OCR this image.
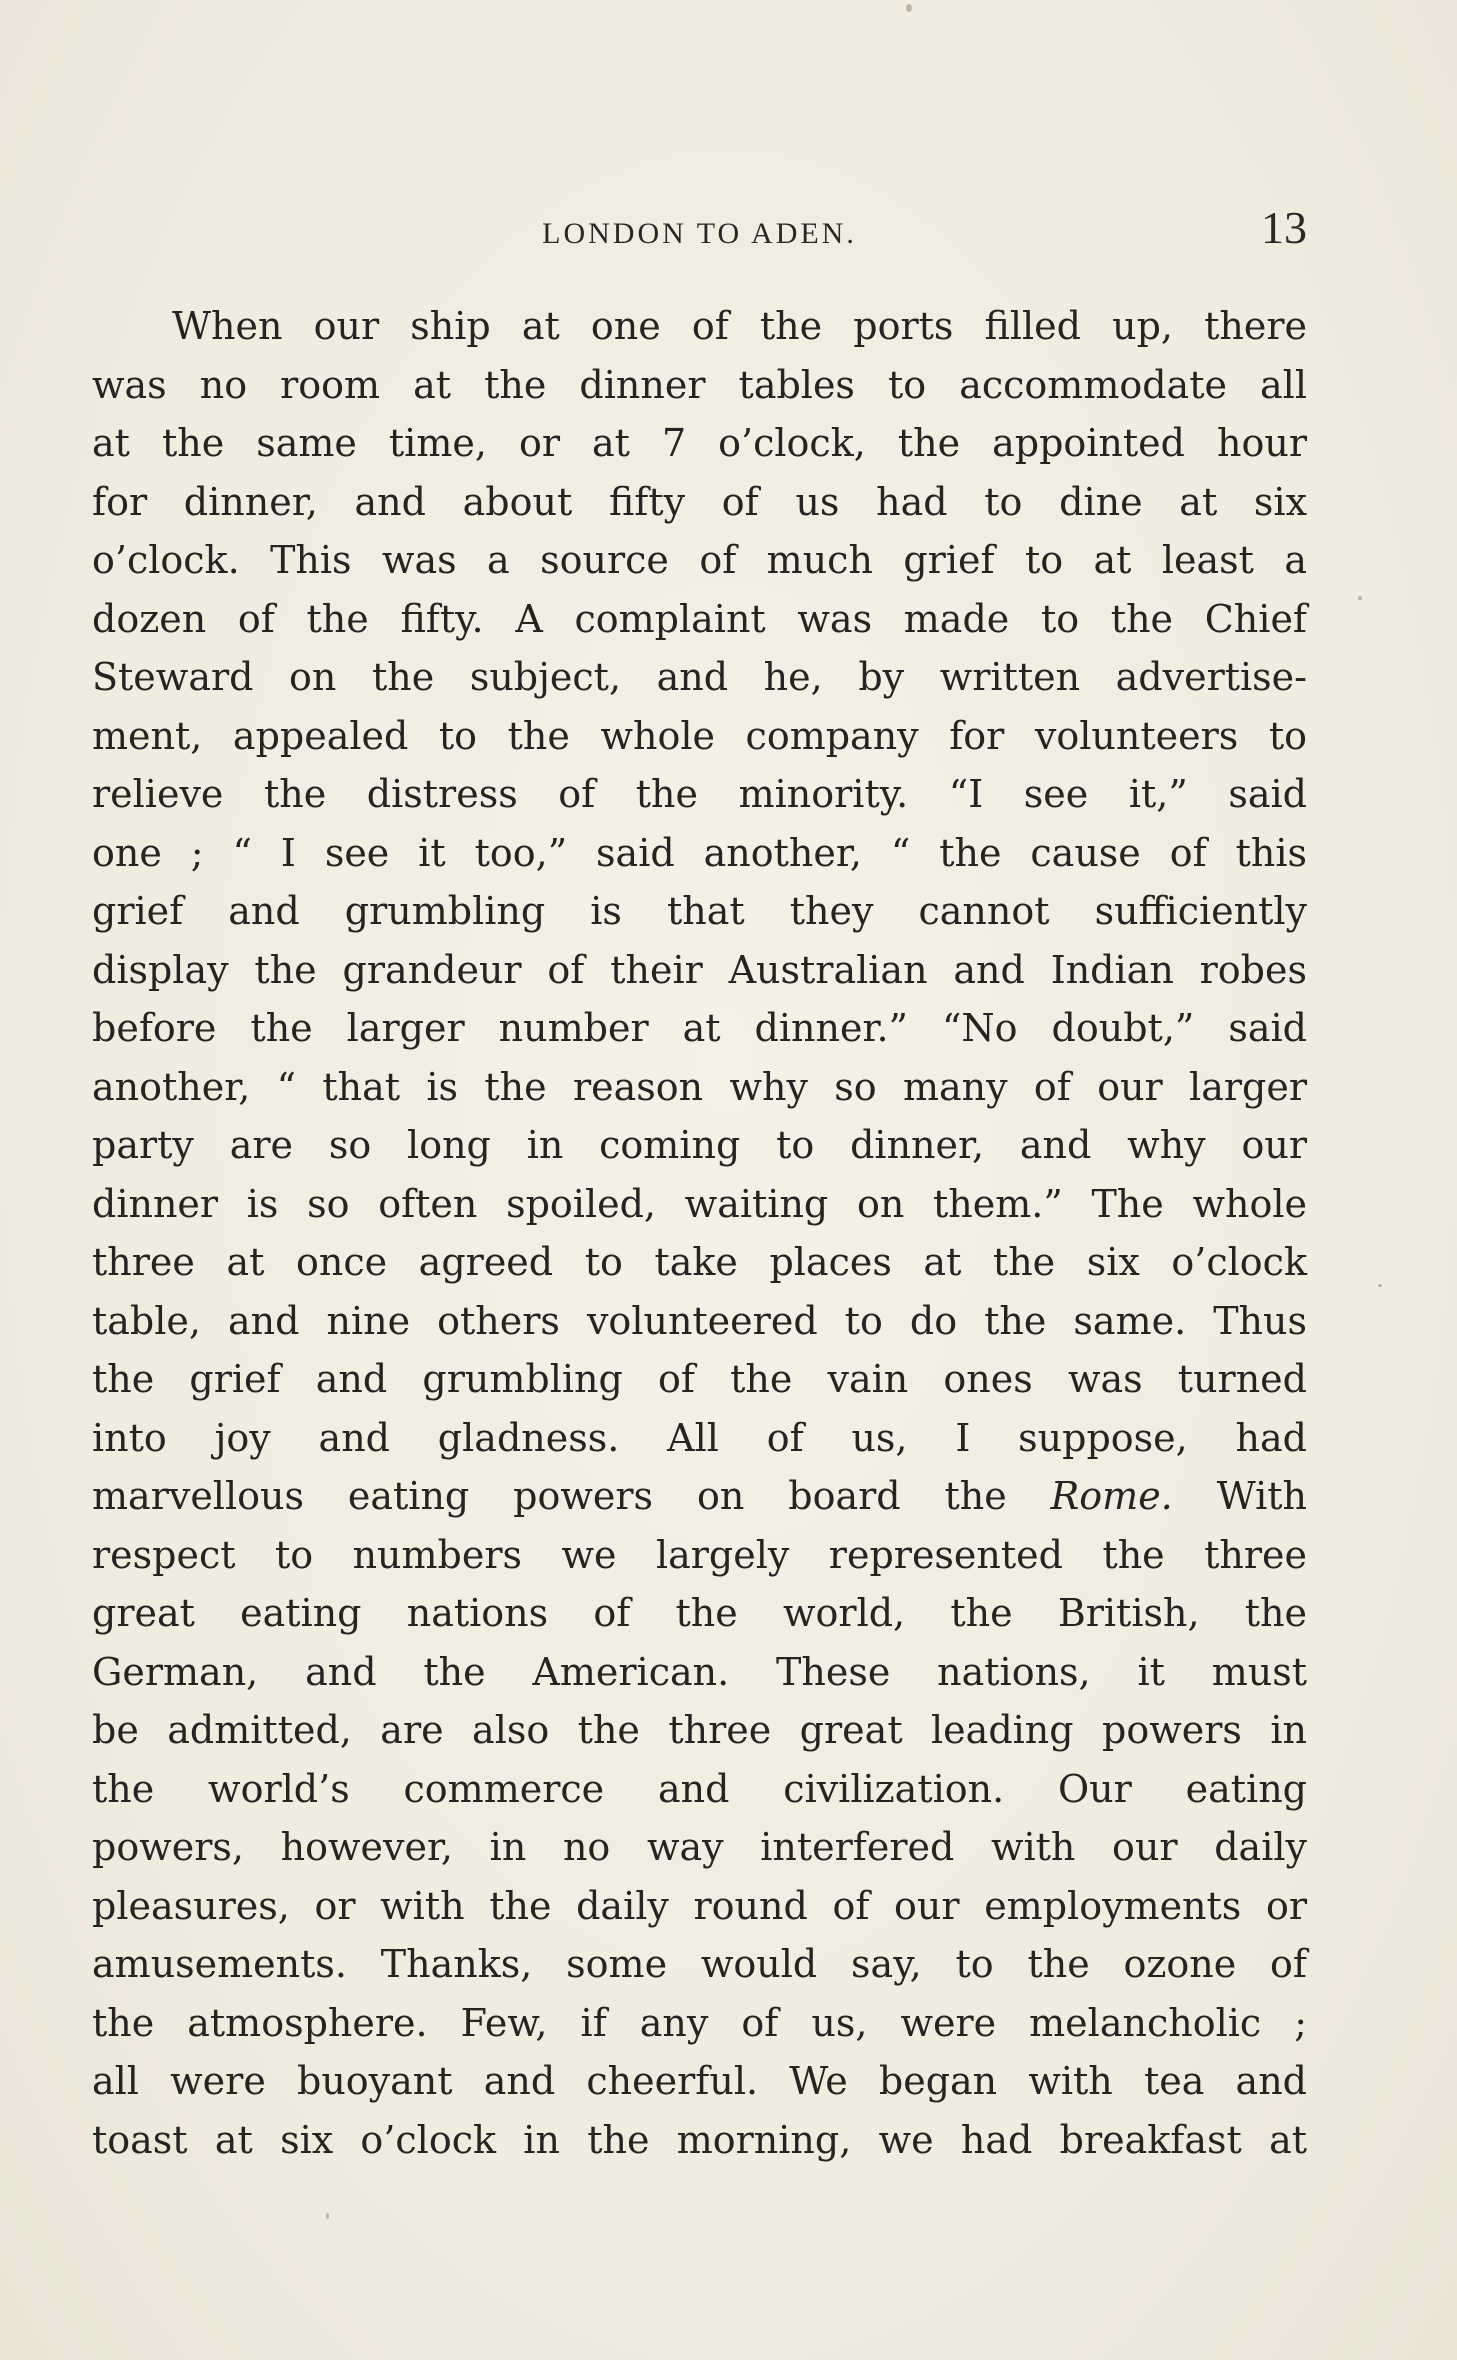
LONDON TO ADEN.	13
When our ship at one of the ports filled up, there
was no room at the dinner tables to accommodate all
at the same time, or at 7 o’clock, the appointed hour
for dinner, and about fifty of us had to dine at six
o’clock. This was a source of much grief to at least a
dozen of the fifty. A complaint was made to the Chief
Steward on the subject, and he, by written advertise-
ment, appealed to the whole company for volunteers to
relieve the distress of the minority. “I see it,” said
one ; “ I see it too,” said another, “ the cause of this
grief and grumbling is that they cannot sufficiently
display the grandeur of their Australian and Indian robes
before the larger number at dinner.” “No doubt,” said
another, “ that is the reason why so many of our larger
party are so long in coming to dinner, and why our
dinner is so often spoiled, waiting on them.” The whole
three at once agreed to take places at the six o’clock
table, and nine others volunteered to do the same. Thus
the grief and grumbling of the vain ones was turned
into joy and gladness. All of us, I suppose, had
marvellous eating powers on board the Rome. With
respect to numbers we largely represented the three
great eating nations of the world, the British, the
German, and the American. These nations, it must
be admitted, are also the three great leading powers in
the world’s commerce and civilization. Our eating
powers, however, in no way interfered with our daily
pleasures, or with the daily round of our employments or
amusements. Thanks, some would say, to the ozone of
the atmosphere. Few, if any of us, were melancholic ;
all were buoyant and cheerful. We began with tea and
toast at six o’clock in the morning, we had breakfast at
